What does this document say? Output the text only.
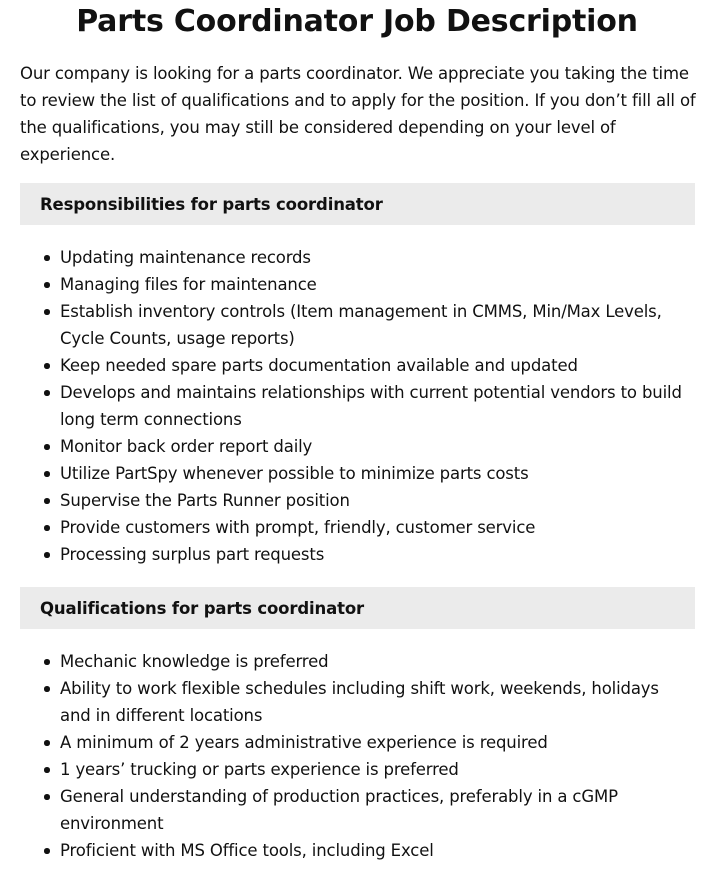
Parts Coordinator Job Description

Our company is looking for a parts coordinator. We appreciate you taking the time to review the list of qualifications and to apply for the position. If you don’t fill all of the qualifications, you may still be considered depending on your level of experience.

Responsibilities for parts coordinator
Updating maintenance records
Managing files for maintenance
Establish inventory controls (Item management in CMMS, Min/Max Levels, Cycle Counts, usage reports)
Keep needed spare parts documentation available and updated
Develops and maintains relationships with current potential vendors to build long term connections
Monitor back order report daily
Utilize PartSpy whenever possible to minimize parts costs
Supervise the Parts Runner position
Provide customers with prompt, friendly, customer service
Processing surplus part requests
Qualifications for parts coordinator
Mechanic knowledge is preferred
Ability to work flexible schedules including shift work, weekends, holidays and in different locations
A minimum of 2 years administrative experience is required
1 years’ trucking or parts experience is preferred
General understanding of production practices, preferably in a cGMP environment
Proficient with MS Office tools, including Excel
